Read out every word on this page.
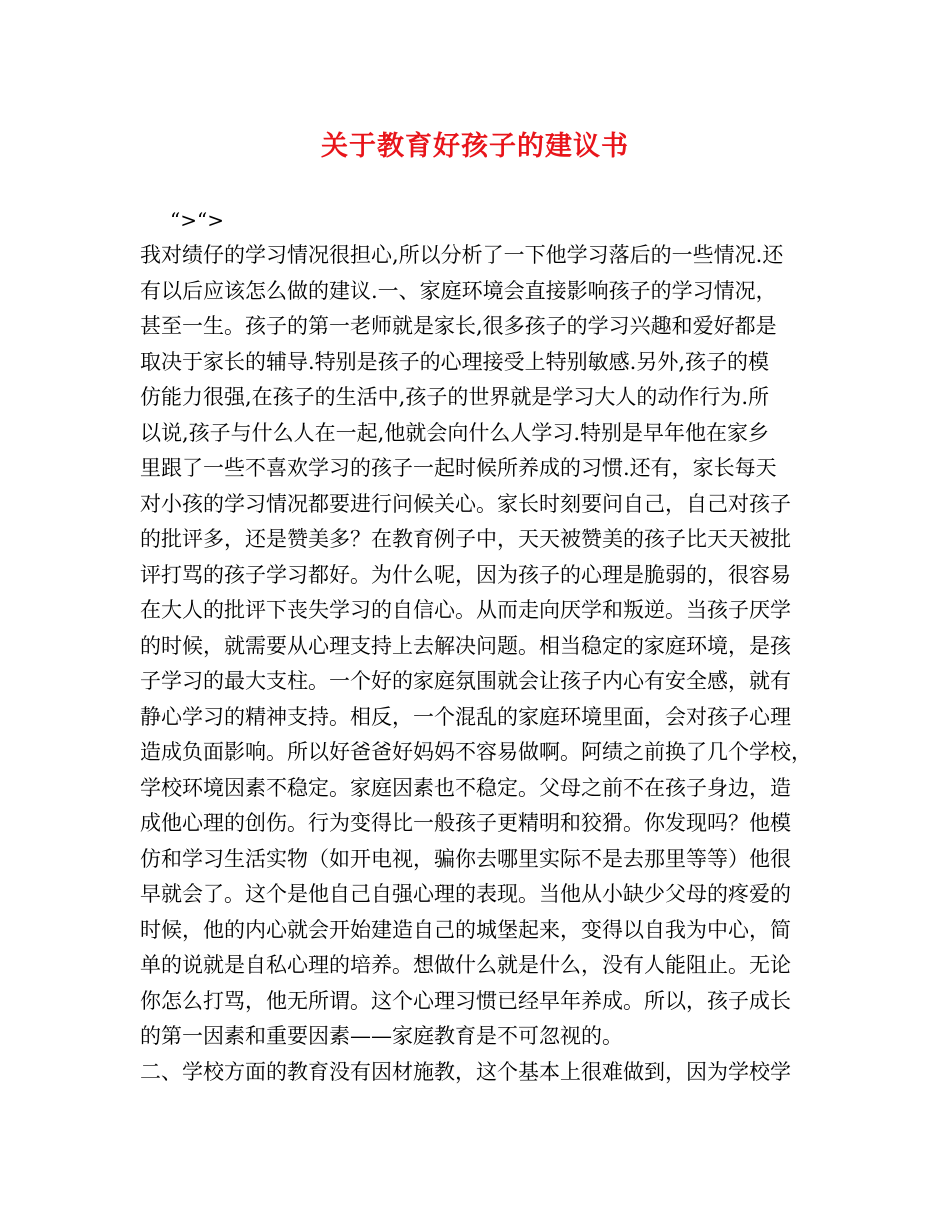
关于教育好孩子的建议书
“>“>
我对绩仔的学习情况很担心,所以分析了一下他学习落后的一些情况.还
有以后应该怎么做的建议.一、家庭环境会直接影响孩子的学习情况，
甚至一生。孩子的第一老师就是家长,很多孩子的学习兴趣和爱好都是
取决于家长的辅导.特别是孩子的心理接受上特别敏感.另外,孩子的模
仿能力很强,在孩子的生活中,孩子的世界就是学习大人的动作行为.所
以说,孩子与什么人在一起,他就会向什么人学习.特别是早年他在家乡
里跟了一些不喜欢学习的孩子一起时候所养成的习惯.还有，家长每天
对小孩的学习情况都要进行问候关心。家长时刻要问自己，自己对孩子
的批评多，还是赞美多？在教育例子中，天天被赞美的孩子比天天被批
评打骂的孩子学习都好。为什么呢，因为孩子的心理是脆弱的，很容易
在大人的批评下丧失学习的自信心。从而走向厌学和叛逆。当孩子厌学
的时候，就需要从心理支持上去解决问题。相当稳定的家庭环境，是孩
子学习的最大支柱。一个好的家庭氛围就会让孩子内心有安全感，就有
静心学习的精神支持。相反，一个混乱的家庭环境里面，会对孩子心理
造成负面影响。所以好爸爸好妈妈不容易做啊。阿绩之前换了几个学校，
学校环境因素不稳定。家庭因素也不稳定。父母之前不在孩子身边，造
成他心理的创伤。行为变得比一般孩子更精明和狡猾。你发现吗？他模
仿和学习生活实物（如开电视，骗你去哪里实际不是去那里等等）他很
早就会了。这个是他自己自强心理的表现。当他从小缺少父母的疼爱的
时候，他的内心就会开始建造自己的城堡起来，变得以自我为中心，简
单的说就是自私心理的培养。想做什么就是什么，没有人能阻止。无论
你怎么打骂，他无所谓。这个心理习惯已经早年养成。所以，孩子成长
的第一因素和重要因素——家庭教育是不可忽视的。
二、学校方面的教育没有因材施教，这个基本上很难做到，因为学校学
